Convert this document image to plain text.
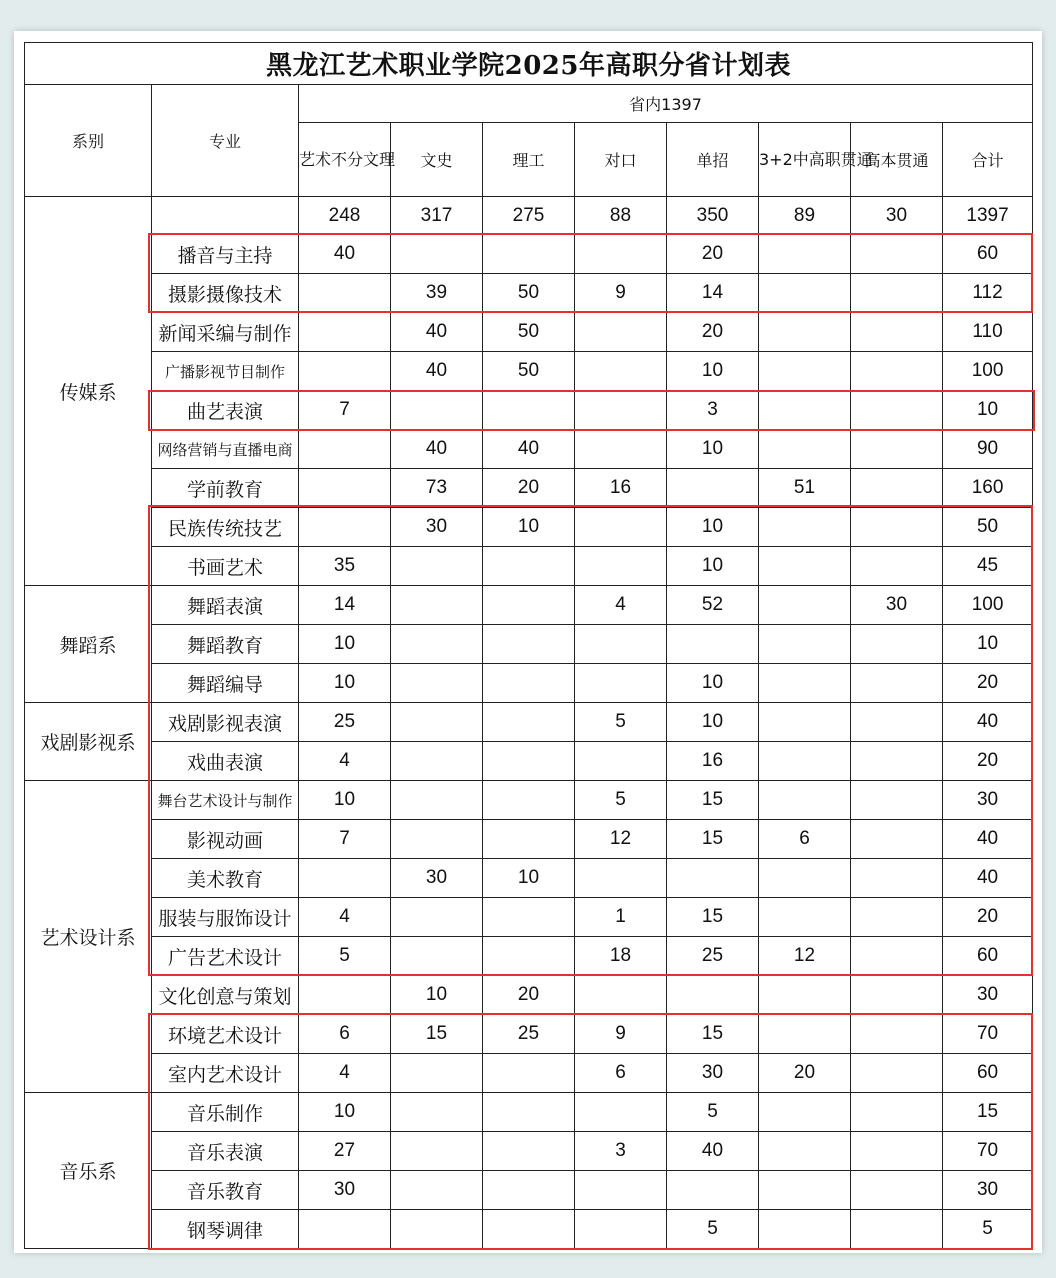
黑龙江艺术职业学院2025年高职分省计划表									
系别	专业	省内1397							
		艺术不分文理	文史	理工	对口	单招	3+2中高职贯通	高本贯通	合计
传媒系		248	317	275	88	350	89	30	1397
	播音与主持	40				20			60
	摄影摄像技术		39	50	9	14			112
	新闻采编与制作		40	50		20			110
	广播影视节目制作		40	50		10			100
	曲艺表演	7				3			10
	网络营销与直播电商		40	40		10			90
	学前教育		73	20	16		51		160
	民族传统技艺		30	10		10			50
	书画艺术	35				10			45
舞蹈系	舞蹈表演	14			4	52		30	100
	舞蹈教育	10							10
	舞蹈编导	10				10			20
戏剧影视系	戏剧影视表演	25			5	10			40
	戏曲表演	4				16			20
艺术设计系	舞台艺术设计与制作	10			5	15			30
	影视动画	7			12	15	6		40
	美术教育		30	10					40
	服装与服饰设计	4			1	15			20
	广告艺术设计	5			18	25	12		60
	文化创意与策划		10	20					30
	环境艺术设计	6	15	25	9	15			70
	室内艺术设计	4			6	30	20		60
音乐系	音乐制作	10				5			15
	音乐表演	27			3	40			70
	音乐教育	30							30
	钢琴调律					5			5
